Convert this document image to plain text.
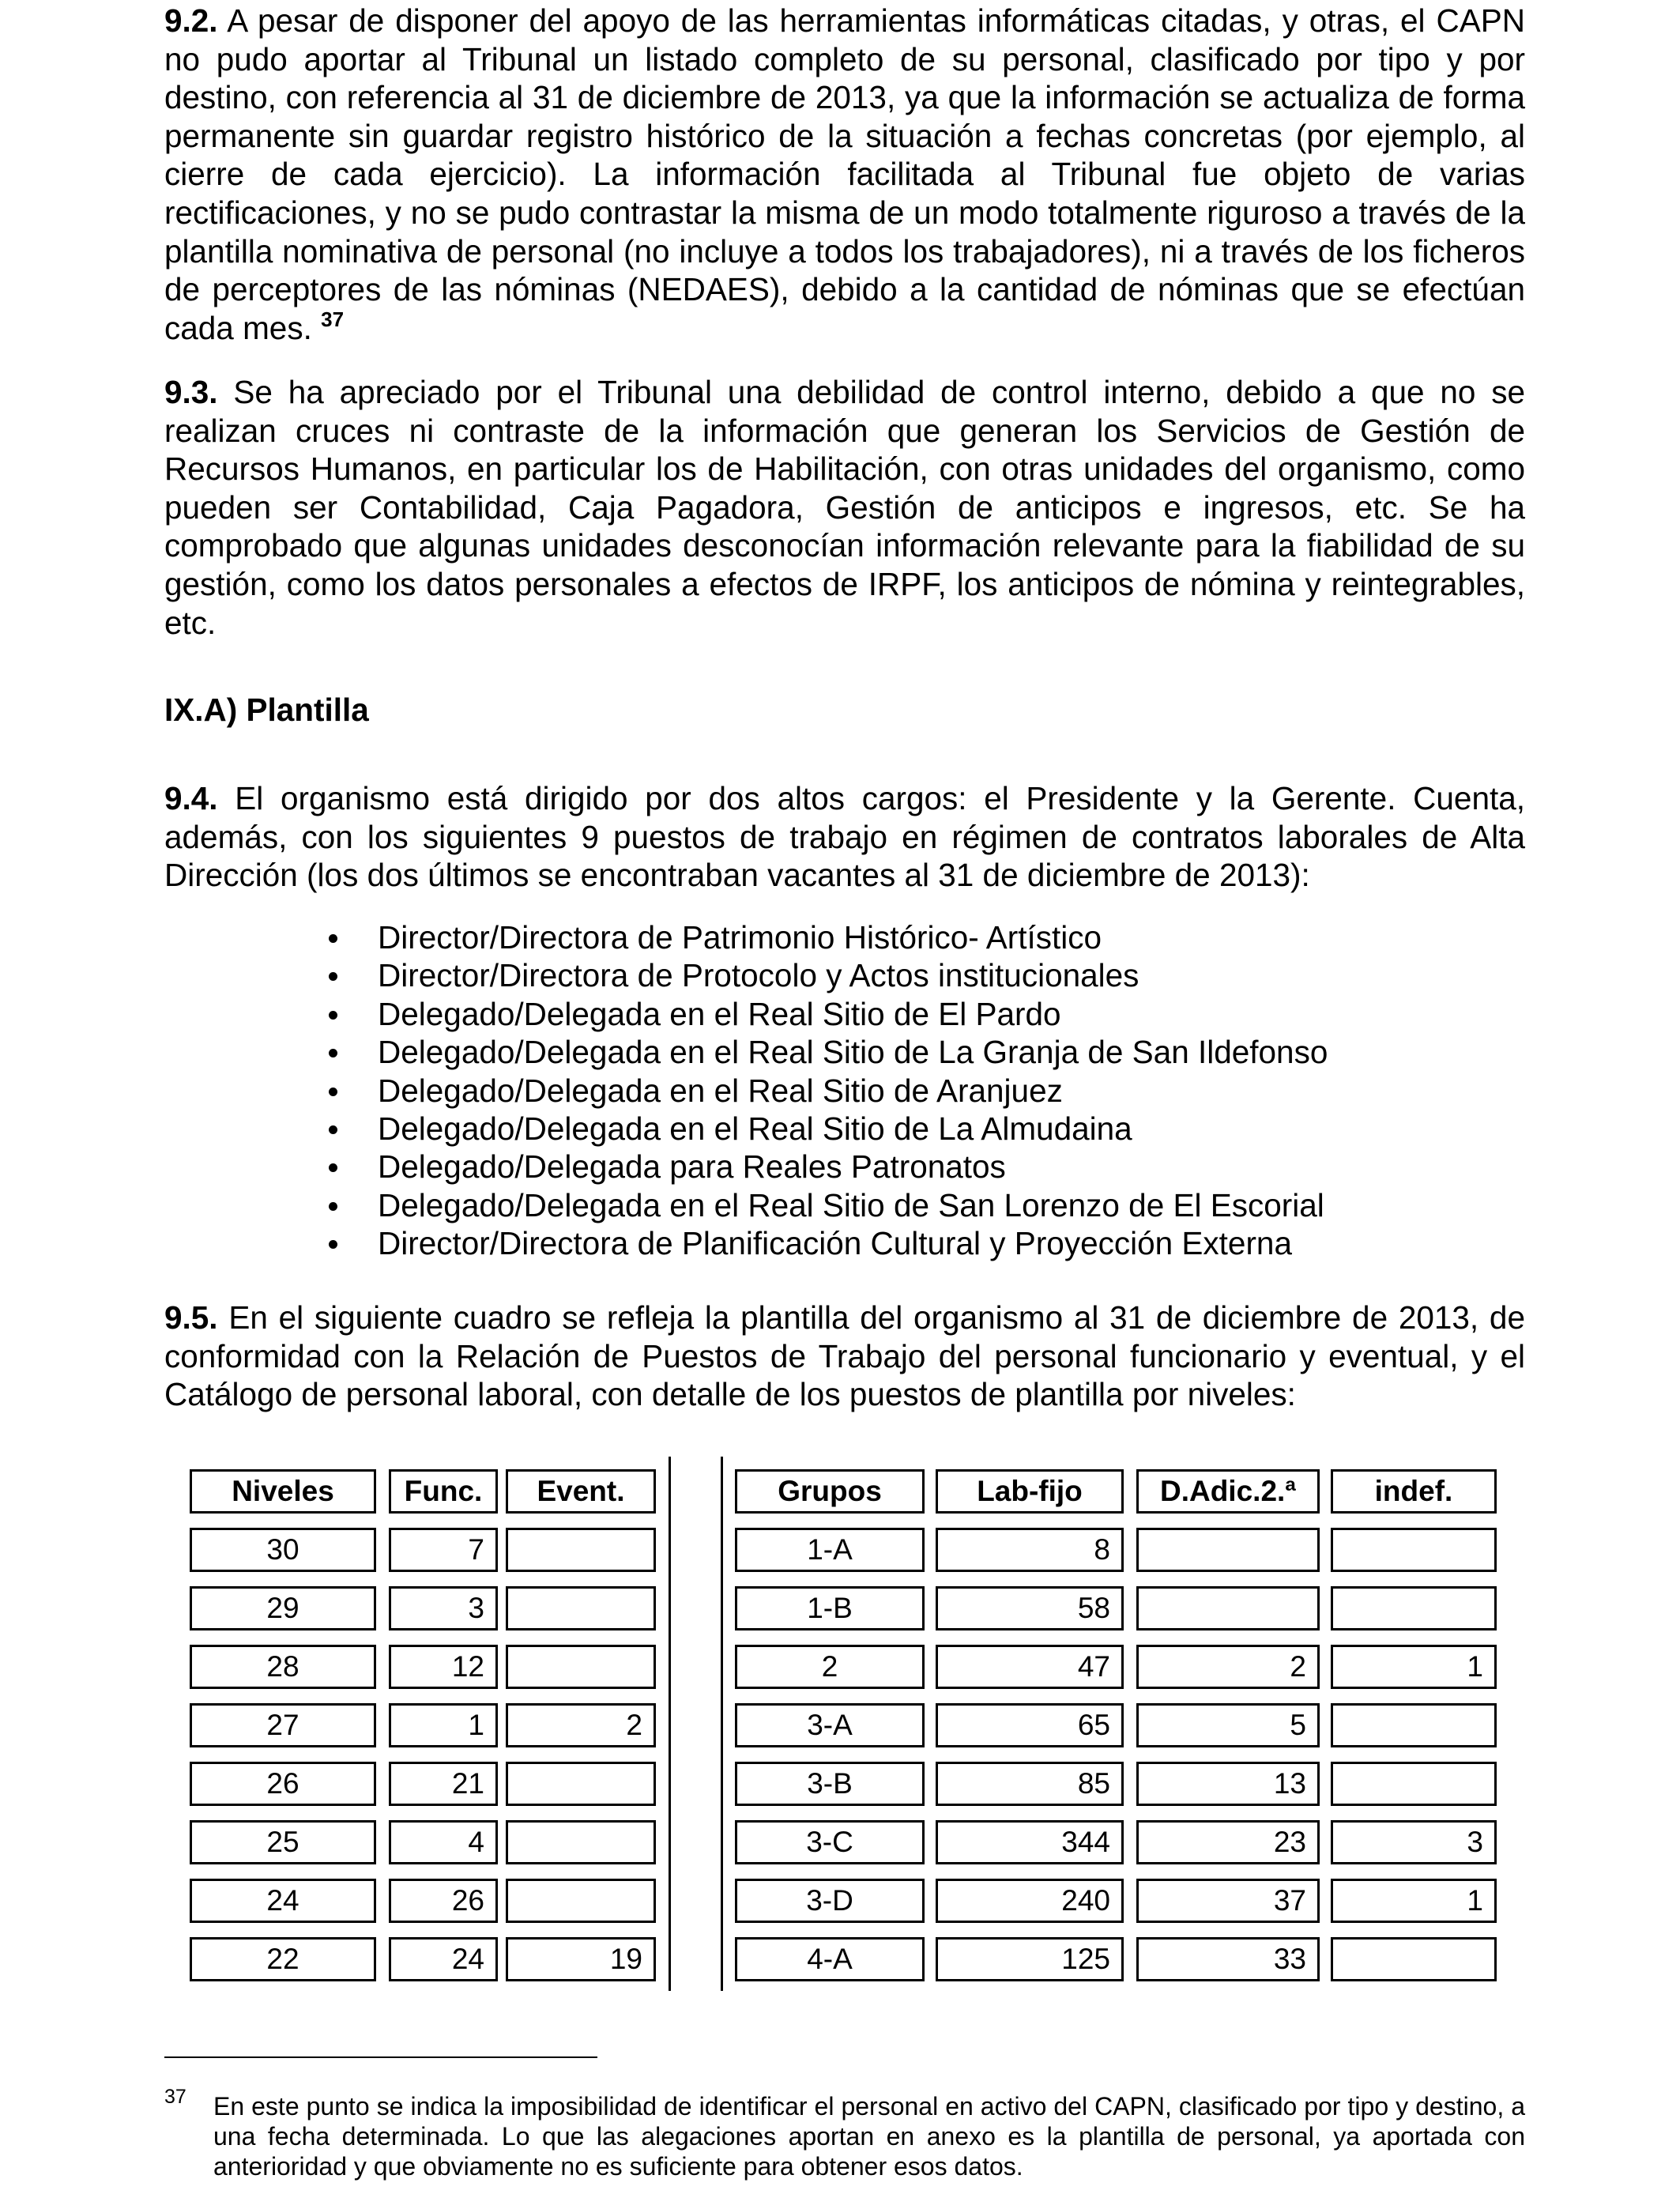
9.2. A pesar de disponer del apoyo de las herramientas informáticas citadas, y otras, el CAPN no pudo aportar al Tribunal un listado completo de su personal, clasificado por tipo y por destino, con referencia al 31 de diciembre de 2013, ya que la información se actualiza de forma permanente sin guardar registro histórico de la situación a fechas concretas (por ejemplo, al cierre de cada ejercicio). La información facilitada al Tribunal fue objeto de varias rectificaciones, y no se pudo contrastar la misma de un modo totalmente riguroso a través de la plantilla nominativa de personal (no incluye a todos los trabajadores), ni a través de los ficheros de perceptores de las nóminas (NEDAES), debido a la cantidad de nóminas que se efectúan cada mes. $^{37}$

9.3. Se ha apreciado por el Tribunal una debilidad de control interno, debido a que no se realizan cruces ni contraste de la información que generan los Servicios de Gestión de Recursos Humanos, en particular los de Habilitación, con otras unidades del organismo, como pueden ser Contabilidad, Caja Pagadora, Gestión de anticipos e ingresos, etc. Se ha comprobado que algunas unidades desconocían información relevante para la fiabilidad de su gestión, como los datos personales a efectos de IRPF, los anticipos de nómina y reintegrables, etc.

IX.A) Plantilla

9.4. El organismo está dirigido por dos altos cargos: el Presidente y la Gerente. Cuenta, además, con los siguientes 9 puestos de trabajo en régimen de contratos laborales de Alta Dirección (los dos últimos se encontraban vacantes al 31 de diciembre de 2013):

Director/Directora de Patrimonio Histórico- Artístico
Director/Directora de Protocolo y Actos institucionales
Delegado/Delegada en el Real Sitio de El Pardo
Delegado/Delegada en el Real Sitio de La Granja de San Ildefonso
Delegado/Delegada en el Real Sitio de Aranjuez
Delegado/Delegada en el Real Sitio de La Almudaina
Delegado/Delegada para Reales Patronatos
Delegado/Delegada en el Real Sitio de San Lorenzo de El Escorial
Director/Directora de Planificación Cultural y Proyección Externa

9.5. En el siguiente cuadro se refleja la plantilla del organismo al 31 de diciembre de 2013, de conformidad con la Relación de Puestos de Trabajo del personal funcionario y eventual, y el Catálogo de personal laboral, con detalle de los puestos de plantilla por niveles:

Niveles	Func.	Event.
30	7
29	3
28	12
27	1	2
26	21
25	4
24	26
22	24	19
Grupos	Lab-fijo	D.Adic.2.ª	indef.
1-A	8
1-B	58
2	47	2	1
3-A	65	5
3-B	85	13
3-C	344	23	3
3-D	240	37	1
4-A	125	33
37 En este punto se indica la imposibilidad de identificar el personal en activo del CAPN, clasificado por tipo y destino, a una fecha determinada. Lo que las alegaciones aportan en anexo es la plantilla de personal, ya aportada con anterioridad y que obviamente no es suficiente para obtener esos datos.
